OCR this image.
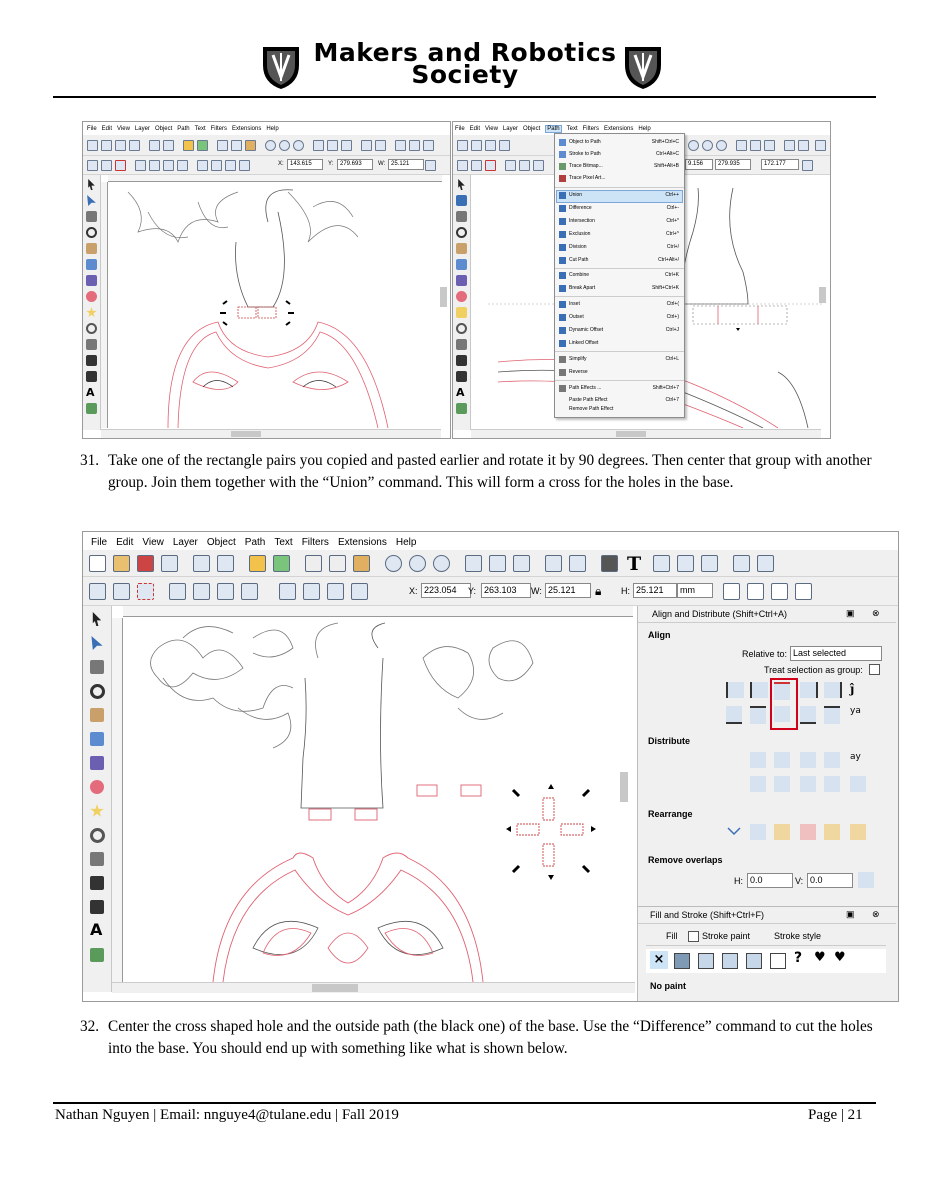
Makers and Robotics
Society
File Edit View Layer Object Path Text Filters Extensions Help
X:	143.615	Y:	279.693	W: 25.121
A
File Edit View Layer Object Path Text Filters Extensions Help
9.156	279.935	172.177
A
Object to Path	Shift+Ctrl+C
Stroke to Path	Ctrl+Alt+C
Trace Bitmap...	Shift+Alt+B
Trace Pixel Art...
Union	Ctrl++
Difference	Ctrl+-
Intersection	Ctrl+*
Exclusion	Ctrl+^
Division	Ctrl+/
Cut Path	Ctrl+Alt+/
Combine	Ctrl+K
Break Apart	Shift+Ctrl+K
Inset	Ctrl+(
Outset	Ctrl+)
Dynamic Offset	Ctrl+J
Linked Offset
Simplify	Ctrl+L
Reverse
Path Effects ...	Shift+Ctrl+7
Paste Path Effect	Ctrl+7
Remove Path Effect
31. Take one of the rectangle pairs you copied and pasted earlier and rotate it by 90 degrees. Then center that group with another group. Join them together with the “Union” command. This will form a cross for the holes in the base.
File Edit View Layer Object Path Text Filters Extensions Help
T
X: 223.054	Y: 263.103	W: 25.121	🔒︎ H: 25.121	mm
A
Align and Distribute (Shift+Ctrl+A)	▣ ⊗
Align
Relative to: Last selected
Treat selection as group:
ĵ
ya
Distribute
ay
Rearrange
Remove overlaps
H: 0.0	V: 0.0
Fill and Stroke (Shift+Ctrl+F)	▣ ⊗
Fill	Stroke paint	Stroke style
×	? ♥︎ ♥︎
No paint
32. Center the cross shaped hole and the outside path (the black one) of the base. Use the “Difference” command to cut the holes into the base. You should end up with something like what is shown below.
Nathan Nguyen | Email: nnguye4@tulane.edu | Fall 2019	Page | 21
